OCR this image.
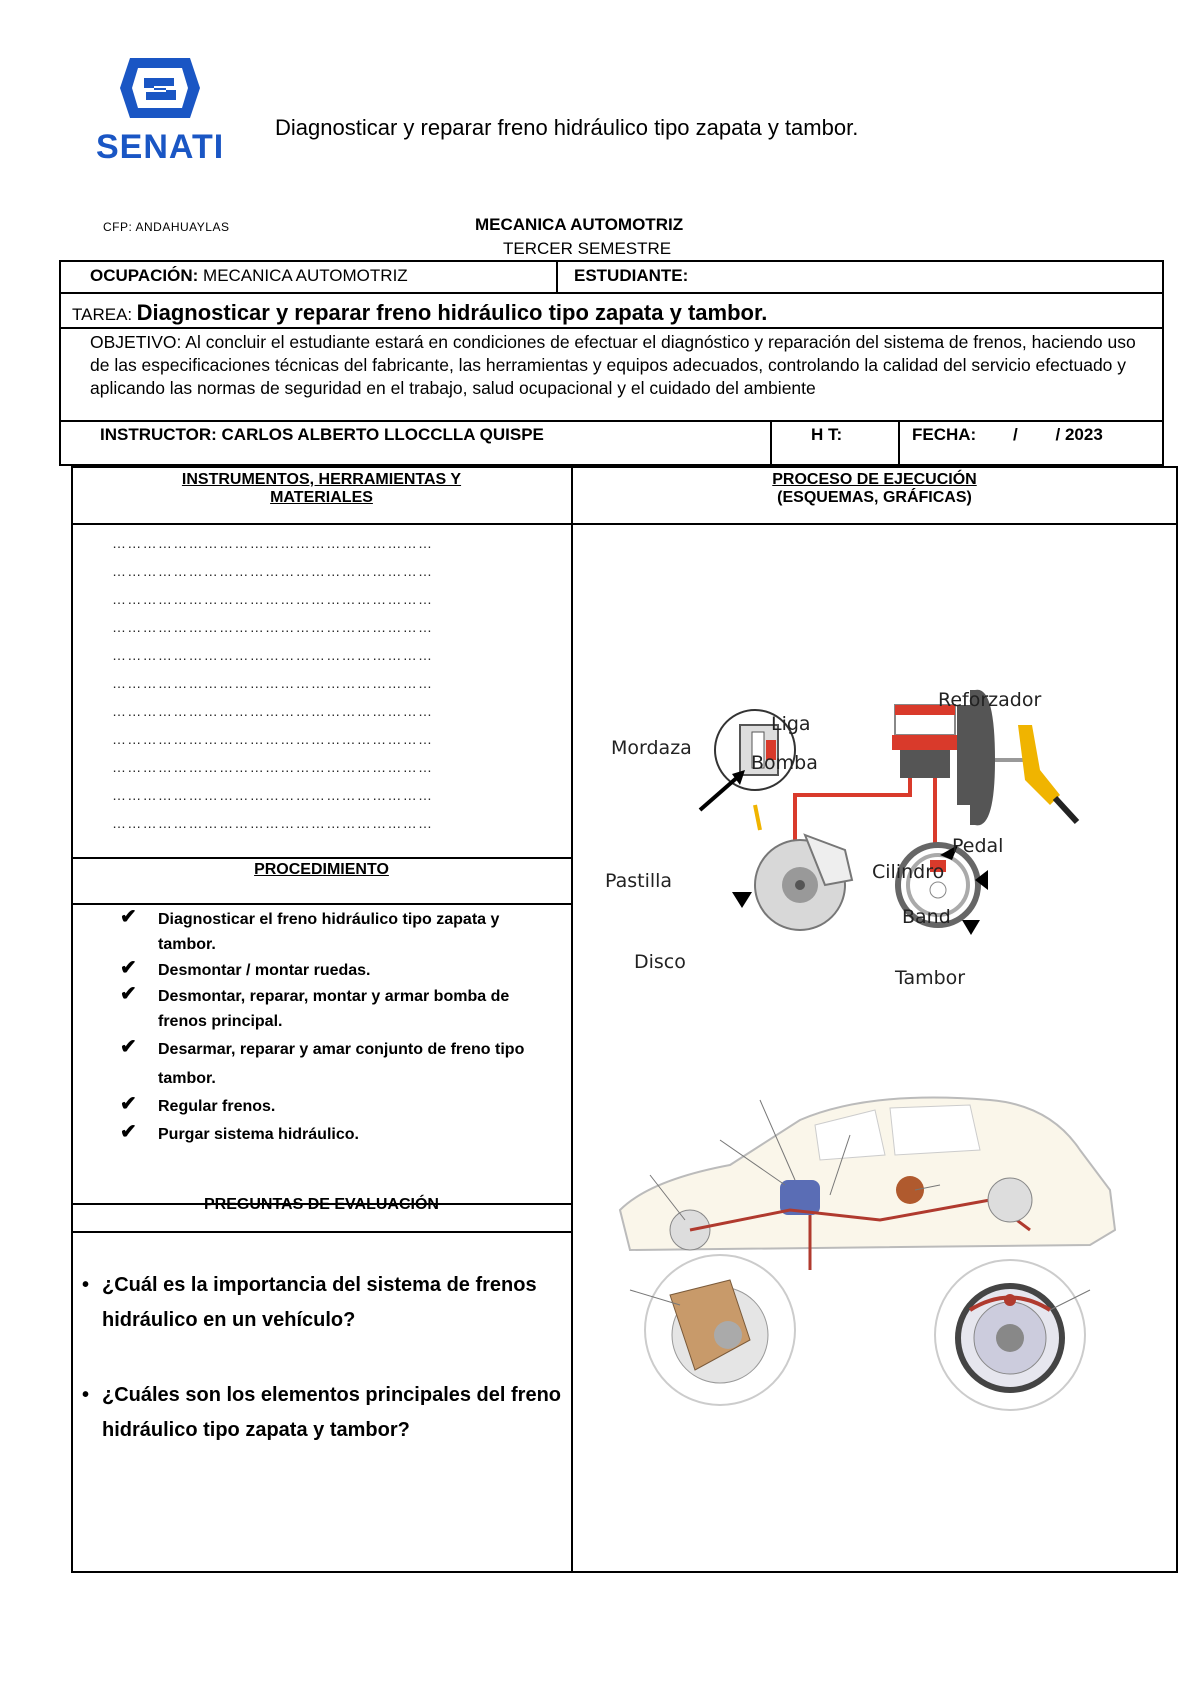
SENATI
Diagnosticar y reparar freno hidráulico tipo zapata y tambor.
CFP: ANDAHUAYLAS	MECANICA AUTOMOTRIZ
TERCER SEMESTRE
OCUPACIÓN: MECANICA AUTOMOTRIZ	ESTUDIANTE:
TAREA: Diagnosticar y reparar freno hidráulico tipo zapata y tambor.
OBJETIVO: Al concluir el estudiante estará en condiciones de efectuar el diagnóstico y reparación del sistema de frenos, haciendo uso de las especificaciones técnicas del fabricante, las herramientas y equipos adecuados, controlando la calidad del servicio efectuado y aplicando las normas de seguridad en el trabajo, salud ocupacional y el cuidado del ambiente
INSTRUCTOR: CARLOS ALBERTO LLOCCLLA QUISPE	H T:	FECHA: /        / 2023
INSTRUMENTOS, HERRAMIENTAS Y
MATERIALES
PROCESO DE EJECUCIÓN
(ESQUEMAS, GRÁFICAS)
………………………………………………………
………………………………………………………
………………………………………………………
………………………………………………………
………………………………………………………
………………………………………………………
………………………………………………………
………………………………………………………
………………………………………………………
………………………………………………………
………………………………………………………
PROCEDIMIENTO
✔ Diagnosticar el freno hidráulico tipo zapata y tambor.
✔ Desmontar / montar ruedas.
✔ Desmontar, reparar, montar y armar bomba de frenos principal.
✔ Desarmar, reparar y amar conjunto de freno tipo tambor.
✔ Regular frenos.
✔ Purgar sistema hidráulico.
PREGUNTAS DE EVALUACIÓN
• ¿Cuál es la importancia del sistema de frenos hidráulico en un vehículo?
• ¿Cuáles son los elementos principales del freno hidráulico tipo zapata y tambor?
Reforzador
Liga
Mordaza
Bomba
Pedal
Pastilla	Cilindro
Band
Disco
Tambor
